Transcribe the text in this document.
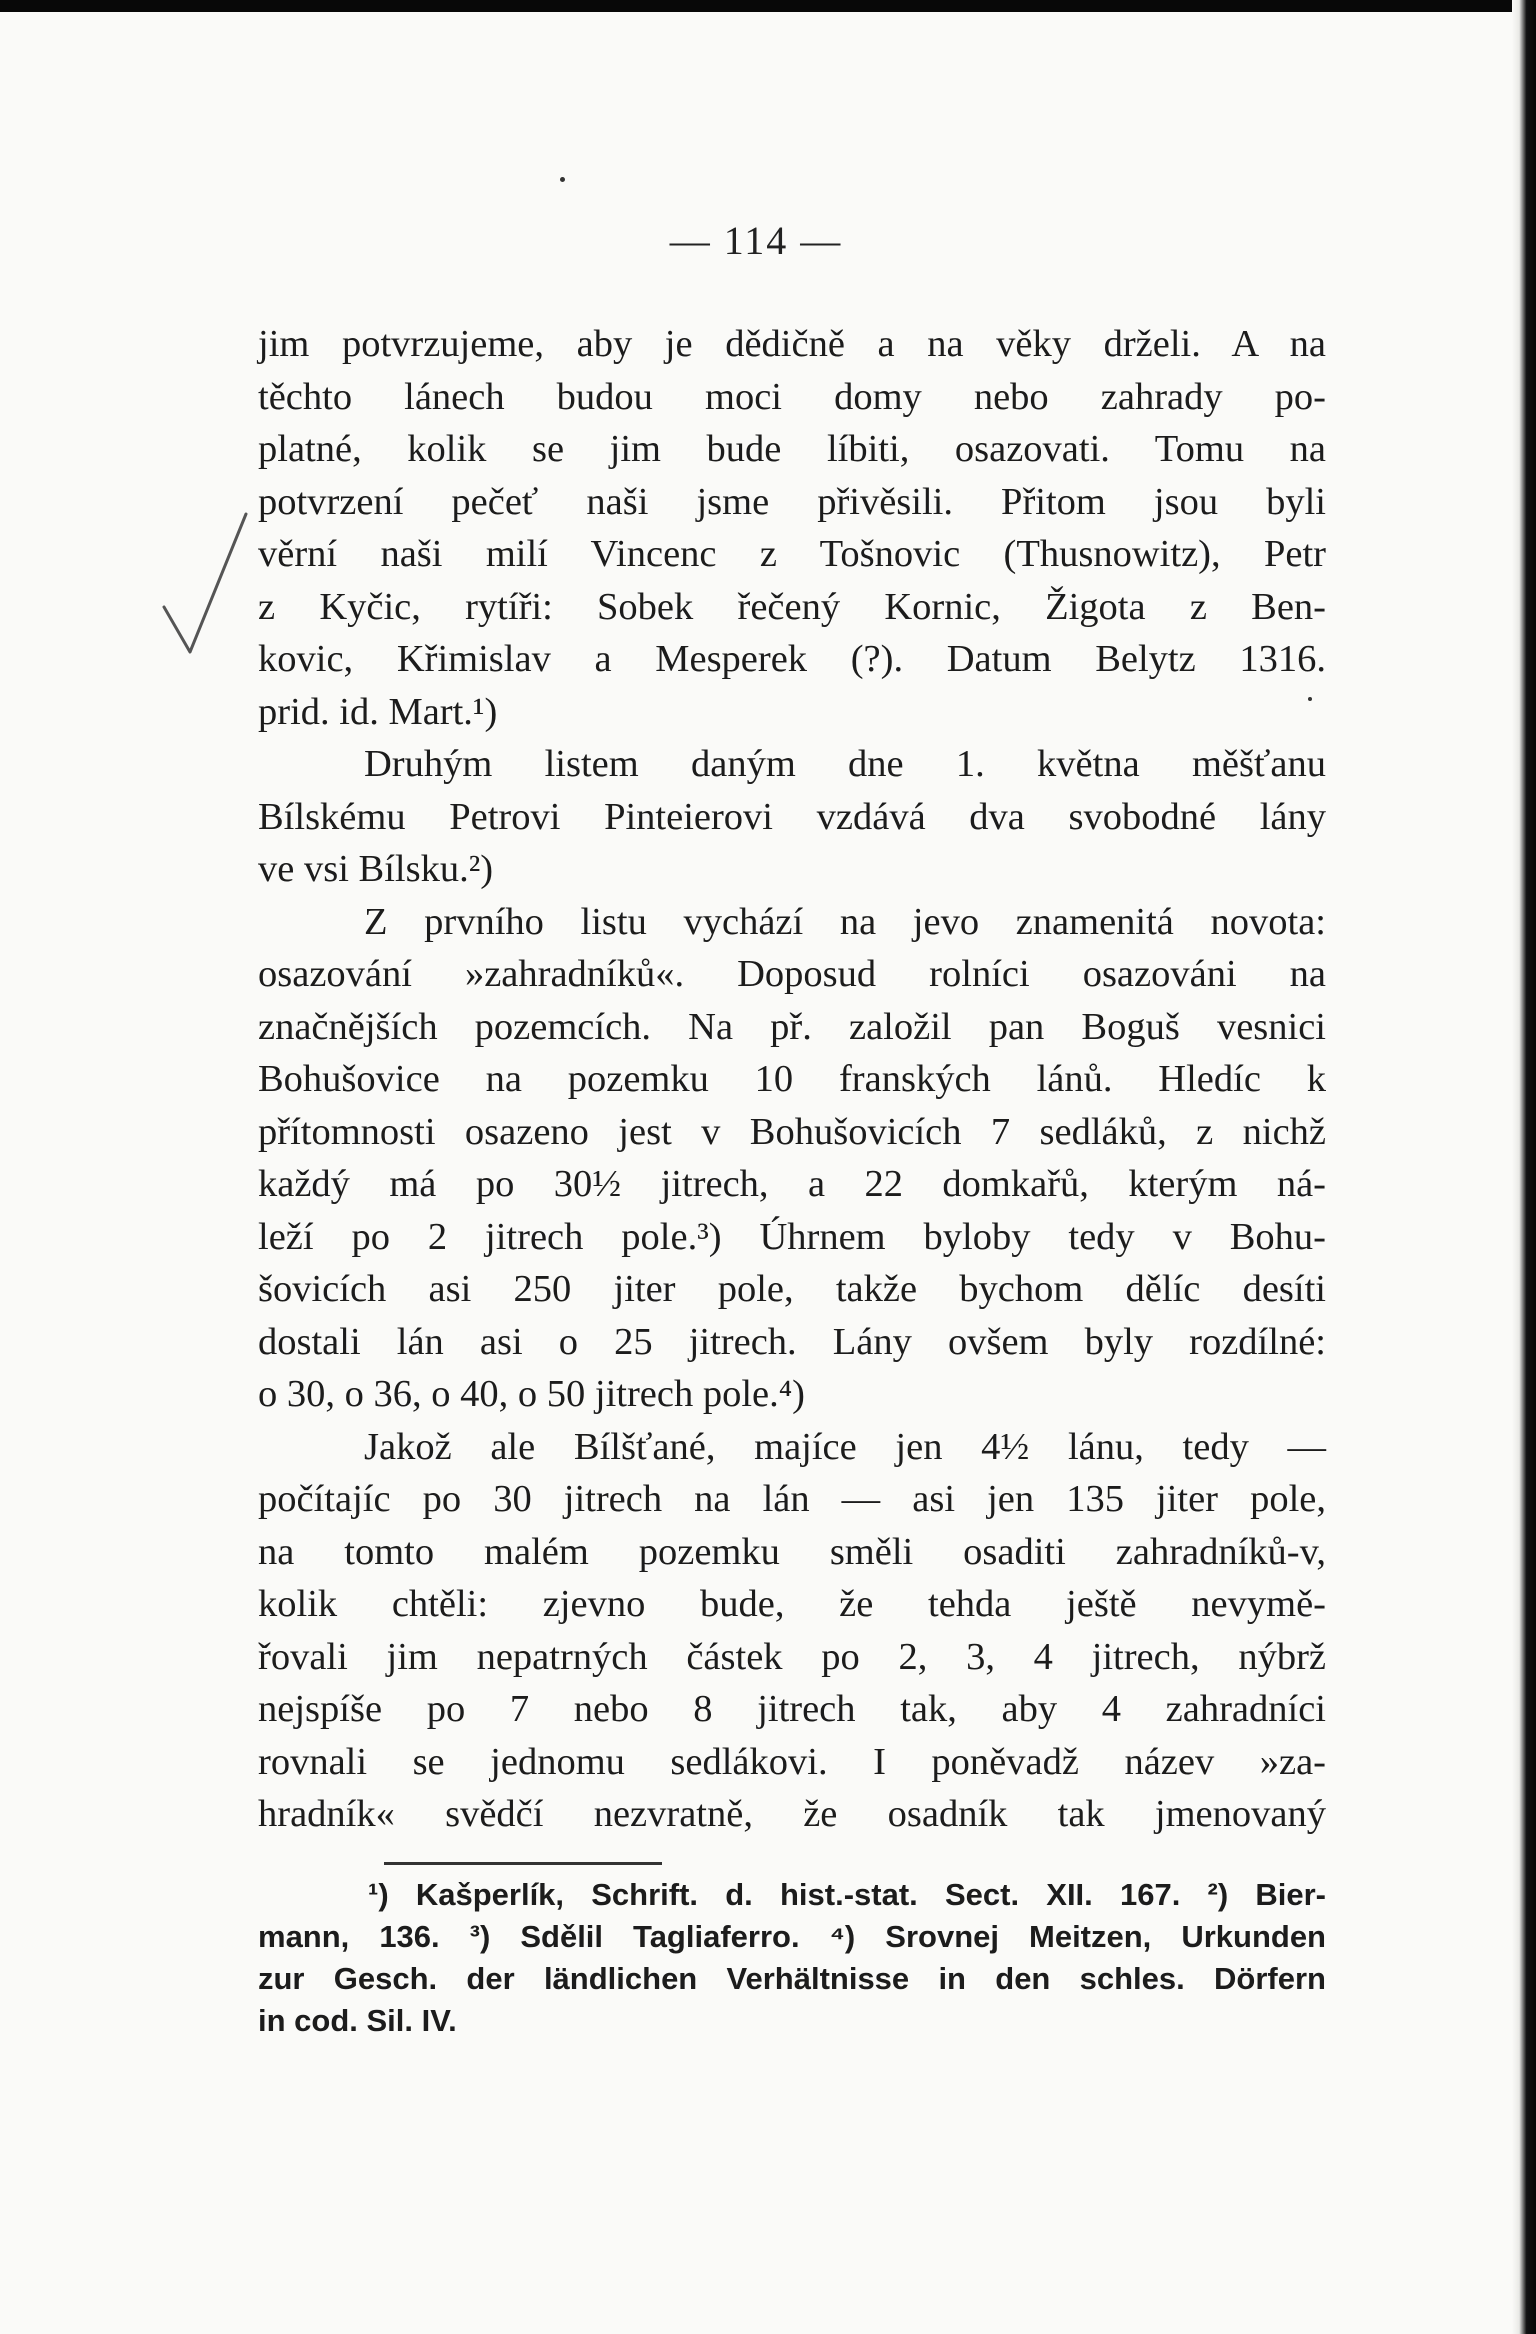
— 114 —
jim potvrzujeme, aby je dědičně a na věky drželi. A na
těchto lánech budou moci domy nebo zahrady po-
platné, kolik se jim bude líbiti, osazovati. Tomu na
potvrzení pečeť naši jsme přivěsili. Přitom jsou byli
věrní naši milí Vincenc z Tošnovic (Thusnowitz), Petr
z Kyčic, rytíři: Sobek řečený Kornic, Žigota z Ben-
kovic, Křimislav a Mesperek (?). Datum Belytz 1316.
prid. id. Mart.¹)
Druhým listem daným dne 1. května měšťanu
Bílskému Petrovi Pinteierovi vzdává dva svobodné lány
ve vsi Bílsku.²)
Z prvního listu vychází na jevo znamenitá novota:
osazování »zahradníků«. Doposud rolníci osazováni na
značnějších pozemcích. Na př. založil pan Boguš vesnici
Bohušovice na pozemku 10 franských lánů. Hledíc k
přítomnosti osazeno jest v Bohušovicích 7 sedláků, z nichž
každý má po 30½ jitrech, a 22 domkařů, kterým ná-
leží po 2 jitrech pole.³) Úhrnem byloby tedy v Bohu-
šovicích asi 250 jiter pole, takže bychom dělíc desíti
dostali lán asi o 25 jitrech. Lány ovšem byly rozdílné:
o 30, o 36, o 40, o 50 jitrech pole.⁴)
Jakož ale Bílšťané, majíce jen 4½ lánu, tedy —
počítajíc po 30 jitrech na lán — asi jen 135 jiter pole,
na tomto malém pozemku směli osaditi zahradníků-v,
kolik chtěli: zjevno bude, že tehda ještě nevymě-
řovali jim nepatrných částek po 2, 3, 4 jitrech, nýbrž
nejspíše po 7 nebo 8 jitrech tak, aby 4 zahradníci
rovnali se jednomu sedlákovi. I poněvadž název »za-
hradník« svědčí nezvratně, že osadník tak jmenovaný
¹) Kašperlík, Schrift. d. hist.-stat. Sect. XII. 167. ²) Bier-
mann, 136. ³) Sdělil Tagliaferro. ⁴) Srovnej Meitzen, Urkunden
zur Gesch. der ländlichen Verhältnisse in den schles. Dörfern
in cod. Sil. IV.
